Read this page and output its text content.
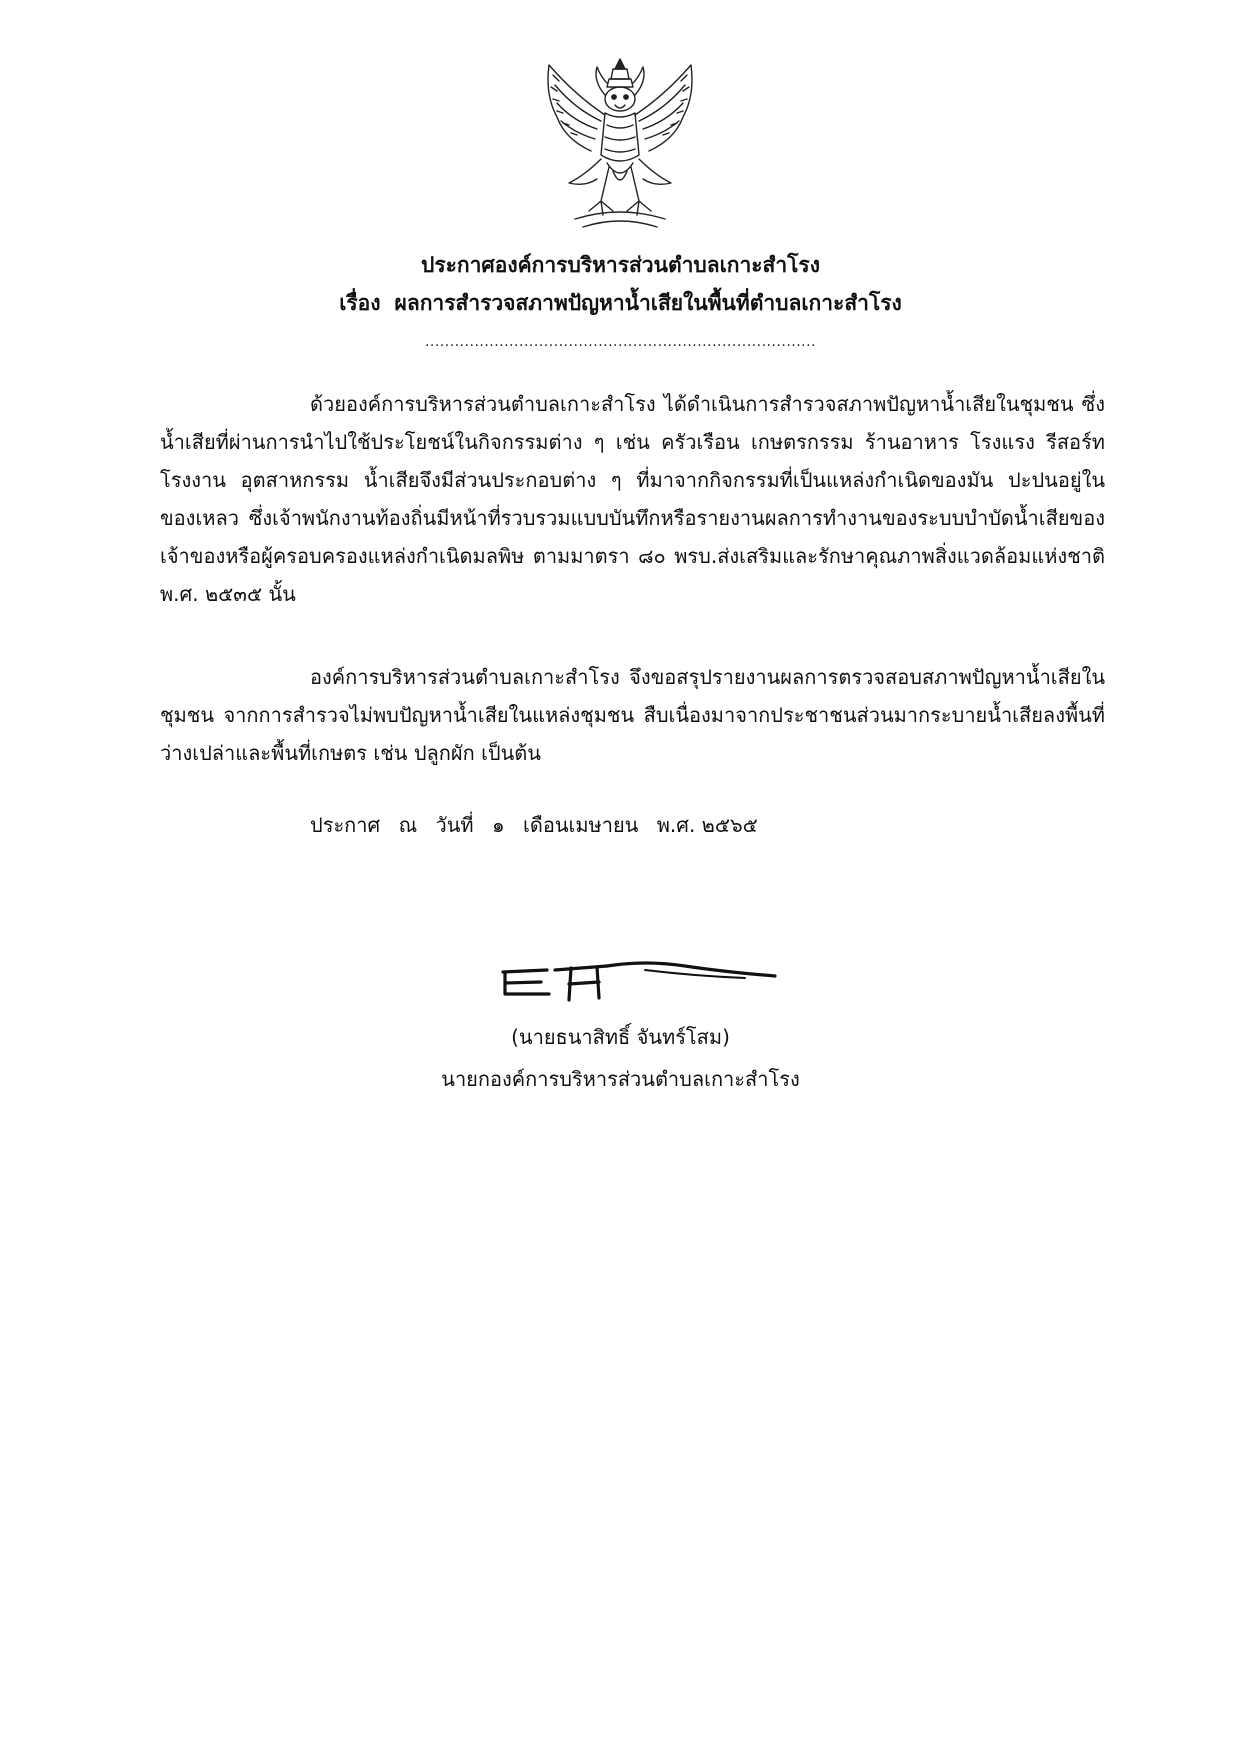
ประกาศองค์การบริหารส่วนตำบลเกาะสำโรง
เรื่อง ผลการสำรวจสภาพปัญหาน้ำเสียในพื้นที่ตำบลเกาะสำโรง
...............................................................................

ด้วยองค์การบริหารส่วนตำบลเกาะสำโรง ได้ดำเนินการสำรวจสภาพปัญหาน้ำเสียในชุมชน ซึ่งน้ำเสียที่ผ่านการนำไปใช้ประโยชน์ในกิจกรรมต่าง ๆ เช่น ครัวเรือน เกษตรกรรม ร้านอาหาร โรงแรง รีสอร์ท โรงงาน อุตสาหกรรม น้ำเสียจึงมีส่วนประกอบต่าง ๆ ที่มาจากกิจกรรมที่เป็นแหล่งกำเนิดของมัน ปะปนอยู่ในของเหลว ซึ่งเจ้าพนักงานท้องถิ่นมีหน้าที่รวบรวมแบบบันทึกหรือรายงานผลการทำงานของระบบบำบัดน้ำเสียของเจ้าของหรือผู้ครอบครองแหล่งกำเนิดมลพิษ ตามมาตรา ๘๐ พรบ.ส่งเสริมและรักษาคุณภาพสิ่งแวดล้อมแห่งชาติ พ.ศ. ๒๕๓๕ นั้น

องค์การบริหารส่วนตำบลเกาะสำโรง จึงขอสรุปรายงานผลการตรวจสอบสภาพปัญหาน้ำเสียในชุมชน จากการสำรวจไม่พบปัญหาน้ำเสียในแหล่งชุมชน สืบเนื่องมาจากประชาชนส่วนมากระบายน้ำเสียลงพื้นที่ว่างเปล่าและพื้นที่เกษตร เช่น ปลูกผัก เป็นต้น

ประกาศ ณ วันที่ ๑ เดือนเมษายน พ.ศ. ๒๕๖๕
(นายธนาสิทธิ์ จันทร์โสม)
นายกองค์การบริหารส่วนตำบลเกาะสำโรง
